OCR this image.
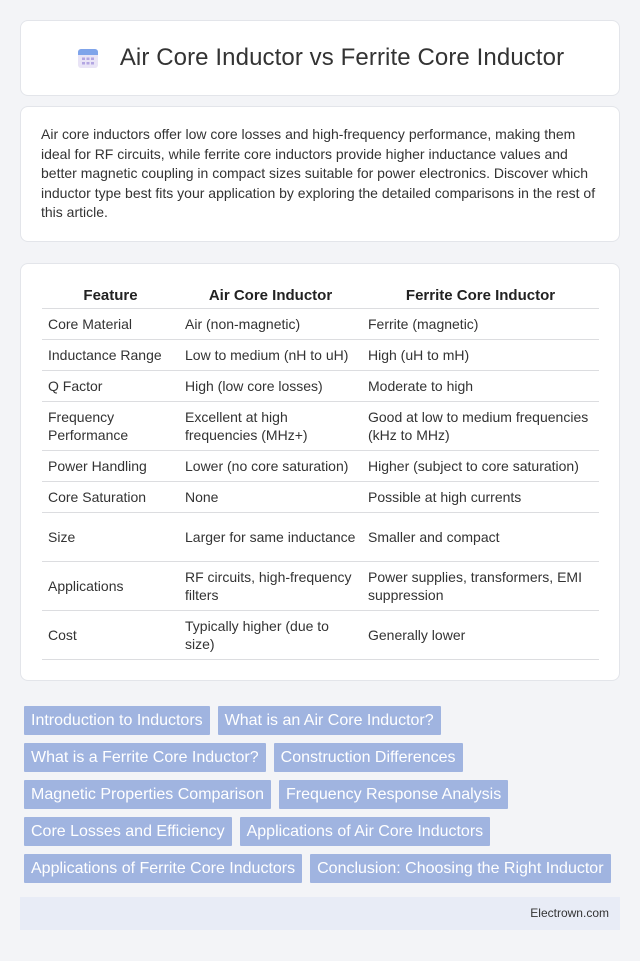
Air Core Inductor vs Ferrite Core Inductor

Air core inductors offer low core losses and high-frequency performance, making them ideal for RF circuits, while ferrite core inductors provide higher inductance values and better magnetic coupling in compact sizes suitable for power electronics. Discover which inductor type best fits your application by exploring the detailed comparisons in the rest of this article.

Feature	Air Core Inductor	Ferrite Core Inductor
Core Material	Air (non-magnetic)	Ferrite (magnetic)
Inductance Range	Low to medium (nH to uH)	High (uH to mH)
Q Factor	High (low core losses)	Moderate to high
Frequency Performance	Excellent at high frequencies (MHz+)	Good at low to medium frequencies (kHz to MHz)
Power Handling	Lower (no core saturation)	Higher (subject to core saturation)
Core Saturation	None	Possible at high currents
Size	Larger for same inductance	Smaller and compact
Applications	RF circuits, high-frequency filters	Power supplies, transformers, EMI suppression
Cost	Typically higher (due to size)	Generally lower
Introduction to Inductors	What is an Air Core Inductor?
What is a Ferrite Core Inductor?	Construction Differences
Magnetic Properties Comparison	Frequency Response Analysis
Core Losses and Efficiency	Applications of Air Core Inductors
Applications of Ferrite Core Inductors	Conclusion: Choosing the Right Inductor
Electrown.com
